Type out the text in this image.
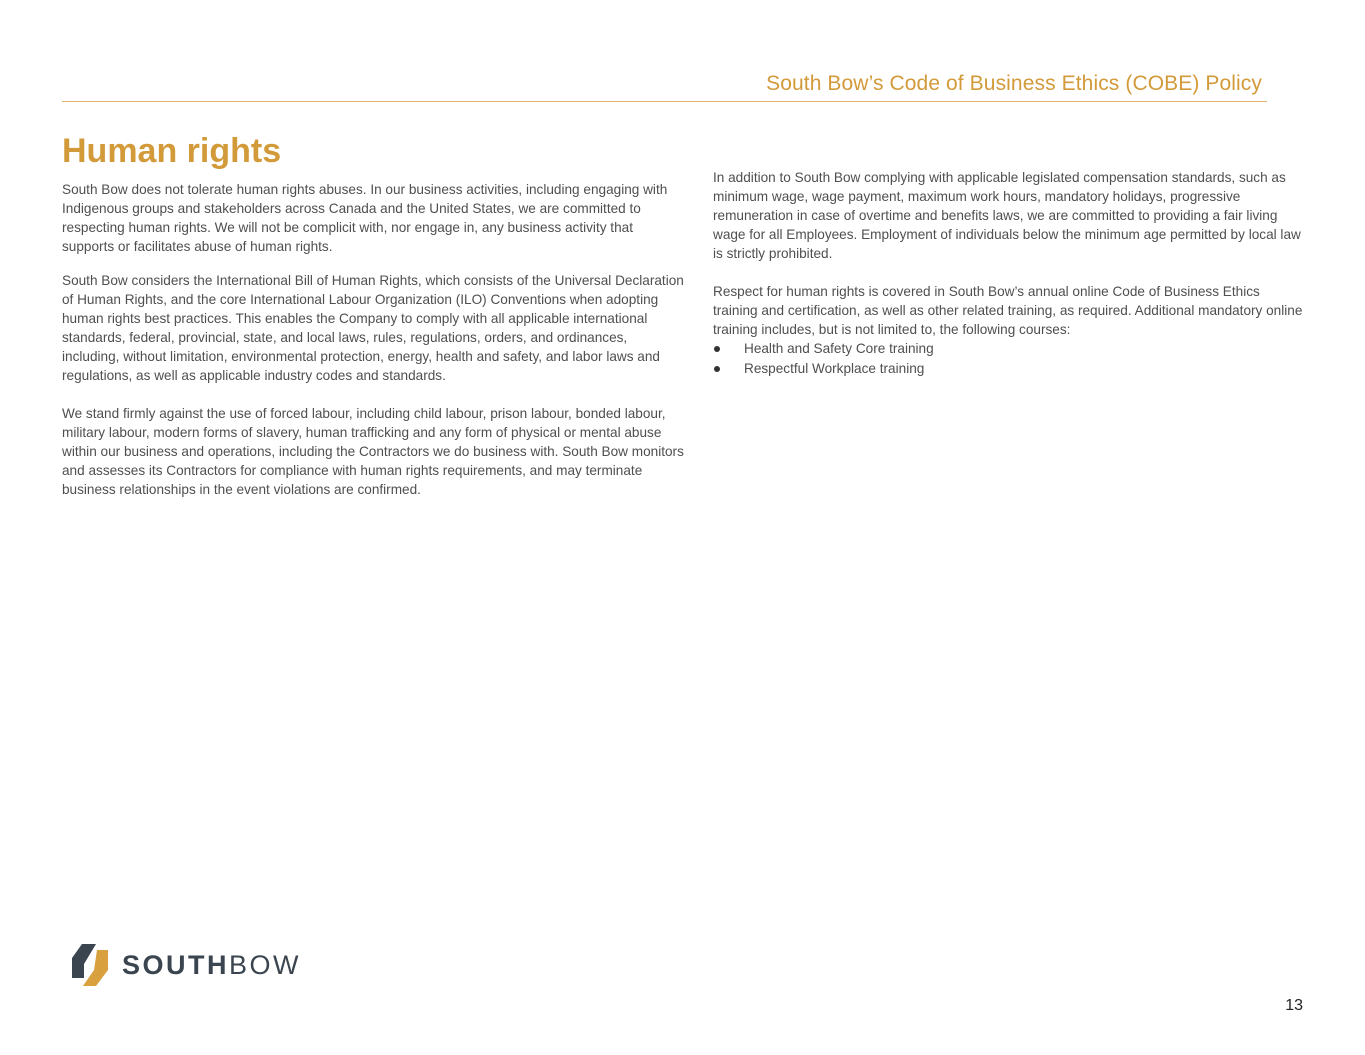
South Bow’s Code of Business Ethics (COBE) Policy
Human rights

South Bow does not tolerate human rights abuses. In our business activities, including engaging with Indigenous groups and stakeholders across Canada and the United States, we are committed to respecting human rights. We will not be complicit with, nor engage in, any business activity that supports or facilitates abuse of human rights.

South Bow considers the International Bill of Human Rights, which consists of the Universal Declaration of Human Rights, and the core International Labour Organization (ILO) Conventions when adopting human rights best practices. This enables the Company to comply with all applicable international standards, federal, provincial, state, and local laws, rules, regulations, orders, and ordinances, including, without limitation, environmental protection, energy, health and safety, and labor laws and regulations, as well as applicable industry codes and standards.

We stand firmly against the use of forced labour, including child labour, prison labour, bonded labour, military labour, modern forms of slavery, human trafficking and any form of physical or mental abuse within our business and operations, including the Contractors we do business with. South Bow monitors and assesses its Contractors for compliance with human rights requirements, and may terminate business relationships in the event violations are confirmed.

In addition to South Bow complying with applicable legislated compensation standards, such as minimum wage, wage payment, maximum work hours, mandatory holidays, progressive remuneration in case of overtime and benefits laws, we are committed to providing a fair living wage for all Employees. Employment of individuals below the minimum age permitted by local law is strictly prohibited.

Respect for human rights is covered in South Bow’s annual online Code of Business Ethics training and certification, as well as other related training, as required. Additional mandatory online training includes, but is not limited to, the following courses:

Health and Safety Core training
Respectful Workplace training
SOUTHBOW
13
